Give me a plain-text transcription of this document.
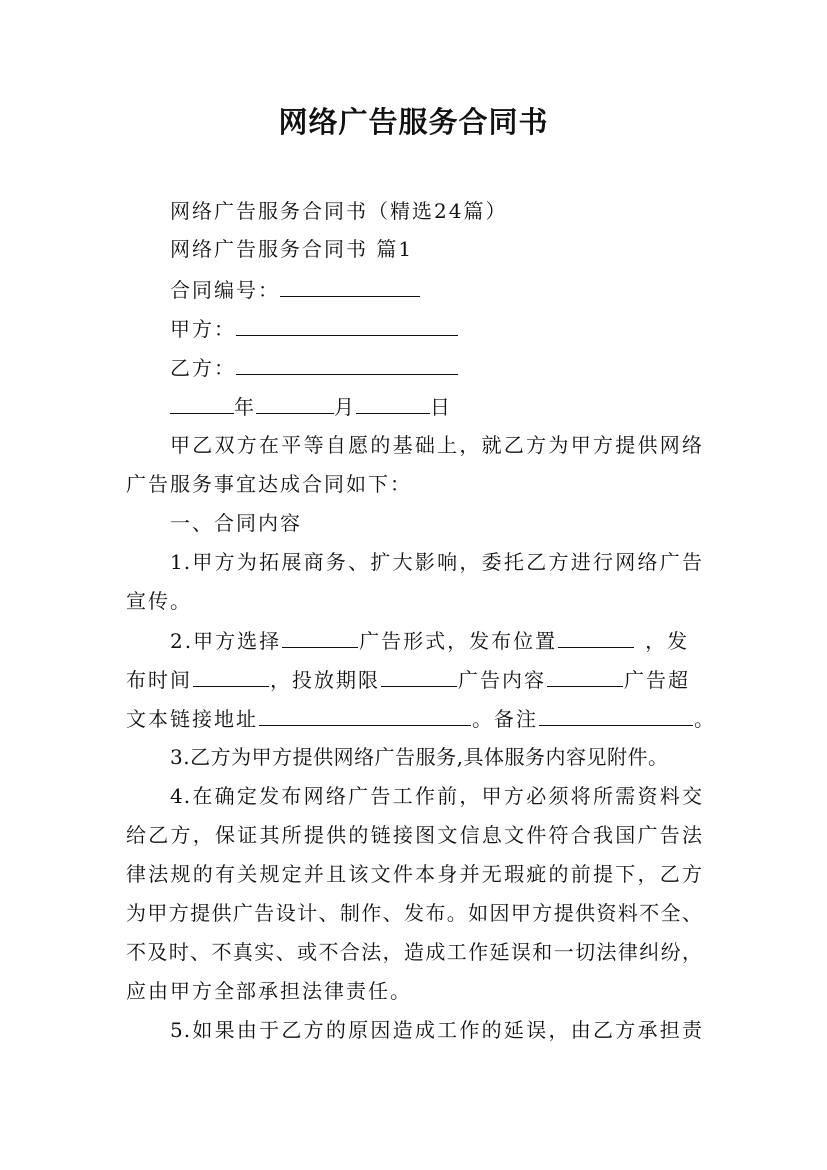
网络广告服务合同书
网络广告服务合同书（精选24篇）
网络广告服务合同书 篇1
合同编号：
甲方：
乙方：
年	月	日
甲乙双方在平等自愿的基础上，就乙方为甲方提供网络
广告服务事宜达成合同如下：
一、合同内容
1.甲方为拓展商务、扩大影响，委托乙方进行网络广告
宣传。
2.甲方选择	广告形式，发布位置	，发
布时间	，投放期限	广告内容	广告超
文本链接地址	。备注	。
3.乙方为甲方提供网络广告服务,具体服务内容见附件。
4.在确定发布网络广告工作前，甲方必须将所需资料交
给乙方，保证其所提供的链接图文信息文件符合我国广告法
律法规的有关规定并且该文件本身并无瑕疵的前提下，乙方
为甲方提供广告设计、制作、发布。如因甲方提供资料不全、
不及时、不真实、或不合法，造成工作延误和一切法律纠纷，
应由甲方全部承担法律责任。
5.如果由于乙方的原因造成工作的延误，由乙方承担责
